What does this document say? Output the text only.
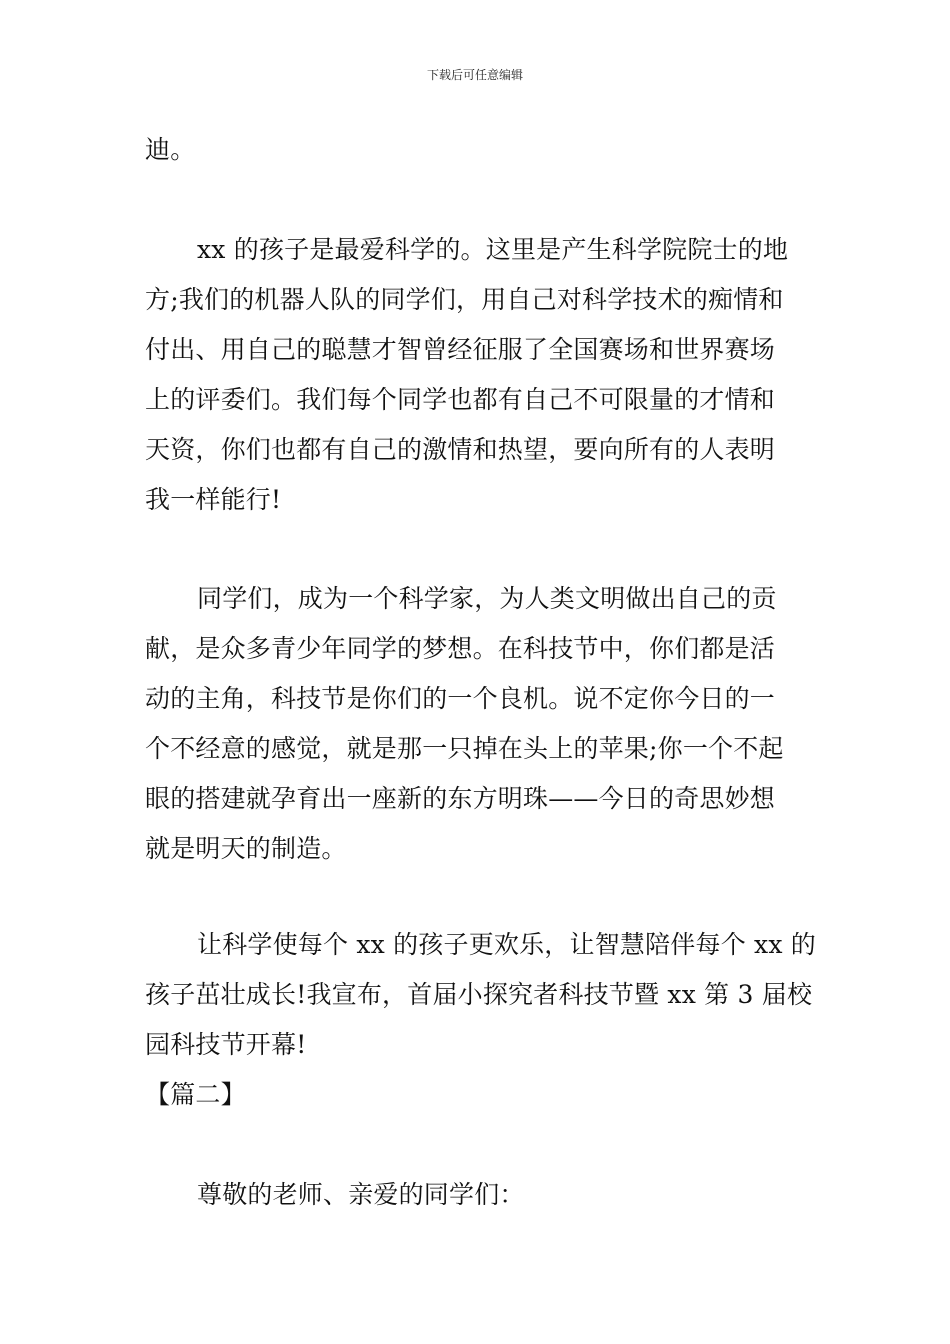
下载后可任意编辑
迪。
xx 的孩子是最爱科学的。这里是产生科学院院士的地
方;我们的机器人队的同学们，用自己对科学技术的痴情和
付出、用自己的聪慧才智曾经征服了全国赛场和世界赛场
上的评委们。我们每个同学也都有自己不可限量的才情和
天资，你们也都有自己的激情和热望，要向所有的人表明
我一样能行!
同学们，成为一个科学家，为人类文明做出自己的贡
献，是众多青少年同学的梦想。在科技节中，你们都是活
动的主角，科技节是你们的一个良机。说不定你今日的一
个不经意的感觉，就是那一只掉在头上的苹果;你一个不起
眼的搭建就孕育出一座新的东方明珠——今日的奇思妙想
就是明天的制造。
让科学使每个 xx 的孩子更欢乐，让智慧陪伴每个 xx 的
孩子茁壮成长!我宣布，首届小探究者科技节暨 xx 第 3 届校
园科技节开幕!
【篇二】
尊敬的老师、亲爱的同学们：
